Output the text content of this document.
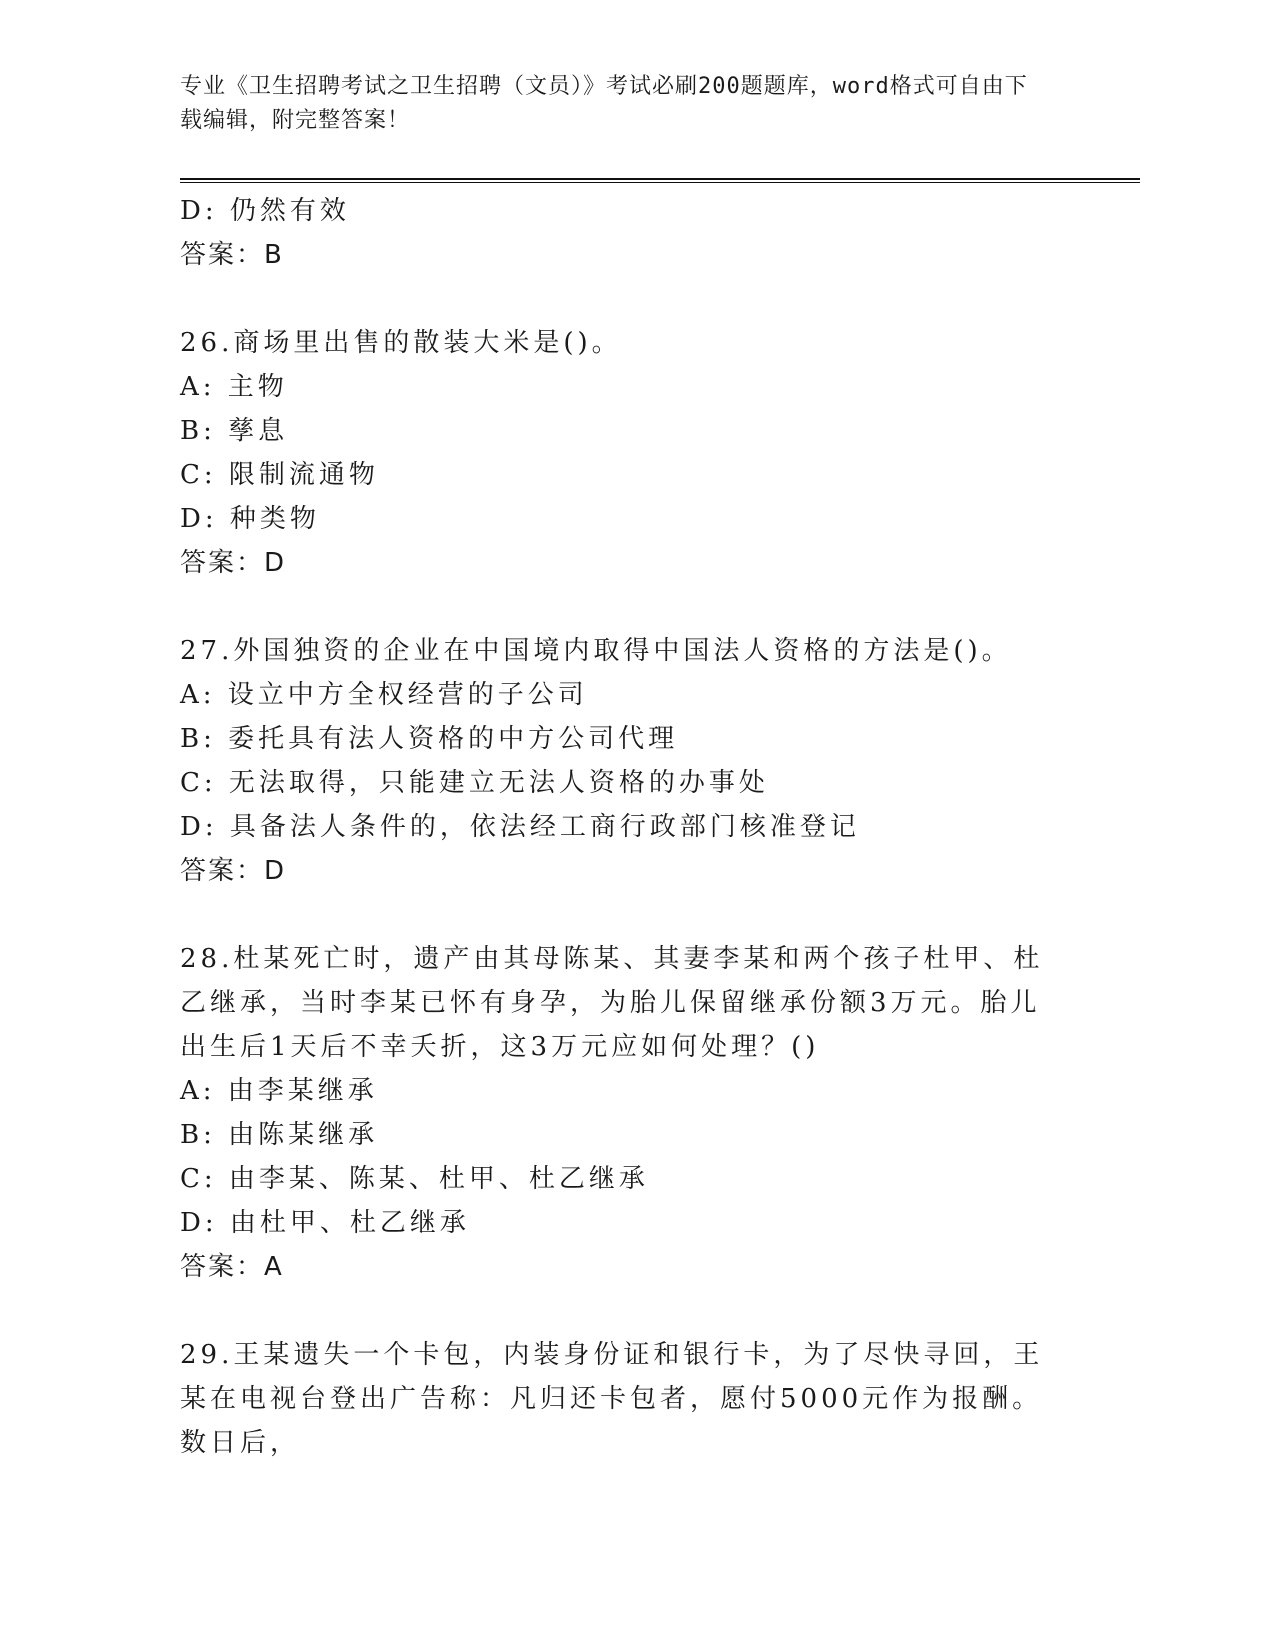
专业《卫生招聘考试之卫生招聘（文员）》考试必刷200题题库，word格式可自由下载编辑，附完整答案！

D: 仍然有效

答案：B

26.商场里出售的散装大米是()。

A: 主物

B: 孳息

C: 限制流通物

D: 种类物

答案：D

27.外国独资的企业在中国境内取得中国法人资格的方法是()。

A: 设立中方全权经营的子公司

B: 委托具有法人资格的中方公司代理

C: 无法取得，只能建立无法人资格的办事处

D: 具备法人条件的，依法经工商行政部门核准登记

答案：D

28.杜某死亡时，遗产由其母陈某、其妻李某和两个孩子杜甲、杜乙继承，当时李某已怀有身孕，为胎儿保留继承份额3万元。胎儿出生后1天后不幸夭折，这3万元应如何处理？()

A: 由李某继承

B: 由陈某继承

C: 由李某、陈某、杜甲、杜乙继承

D: 由杜甲、杜乙继承

答案：A

29.王某遗失一个卡包，内装身份证和银行卡，为了尽快寻回，王某在电视台登出广告称：凡归还卡包者，愿付5000元作为报酬。数日后，
